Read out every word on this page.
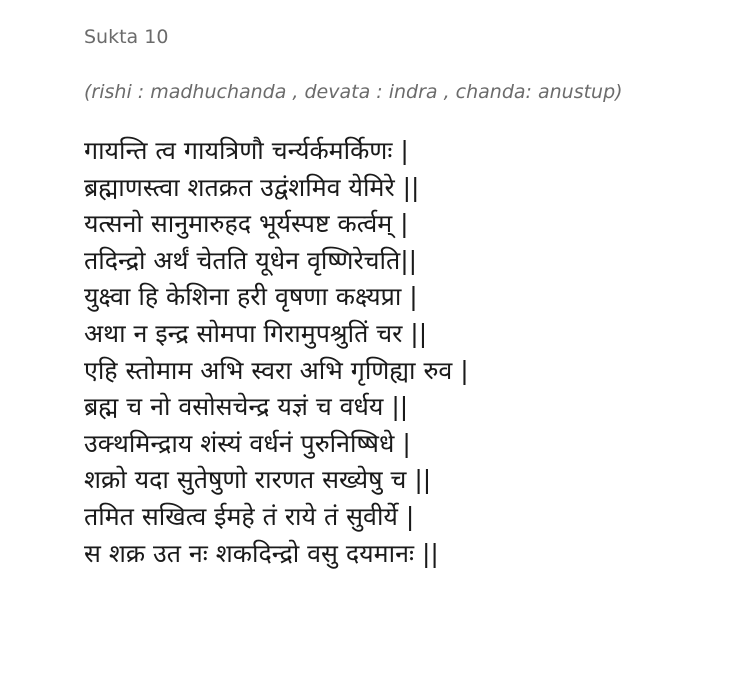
Sukta 10
(rishi : madhuchanda , devata : indra , chanda: anustup)
गायन्ति त्व गायत्रिणौ चर्न्यर्कमर्किणः |
ब्रह्माणस्त्वा शतक्रत उद्वंशमिव येमिरे ||
यत्सनो सानुमारुहद भूर्यस्पष्ट कर्त्वम् |
तदिन्द्रो अर्थं चेतति यूधेन वृष्णिरेचति||
युक्ष्वा हि केशिना हरी वृषणा कक्ष्यप्रा |
अथा न इन्द्र सोमपा गिरामुपश्रुतिं चर ||
एहि स्तोमाम अभि स्वरा अभि गृणिह्या रुव |
ब्रह्म च नो वसोसचेन्द्र यज्ञं च वर्धय ||
उक्थमिन्द्राय शंस्यं वर्धनं पुरुनिष्षिधे |
शक्रो यदा सुतेषुणो रारणत सख्येषु च ||
तमित सखित्व ईमहे तं राये तं सुवीर्ये |
स शक्र उत नः शकदिन्द्रो वसु दयमानः ||
